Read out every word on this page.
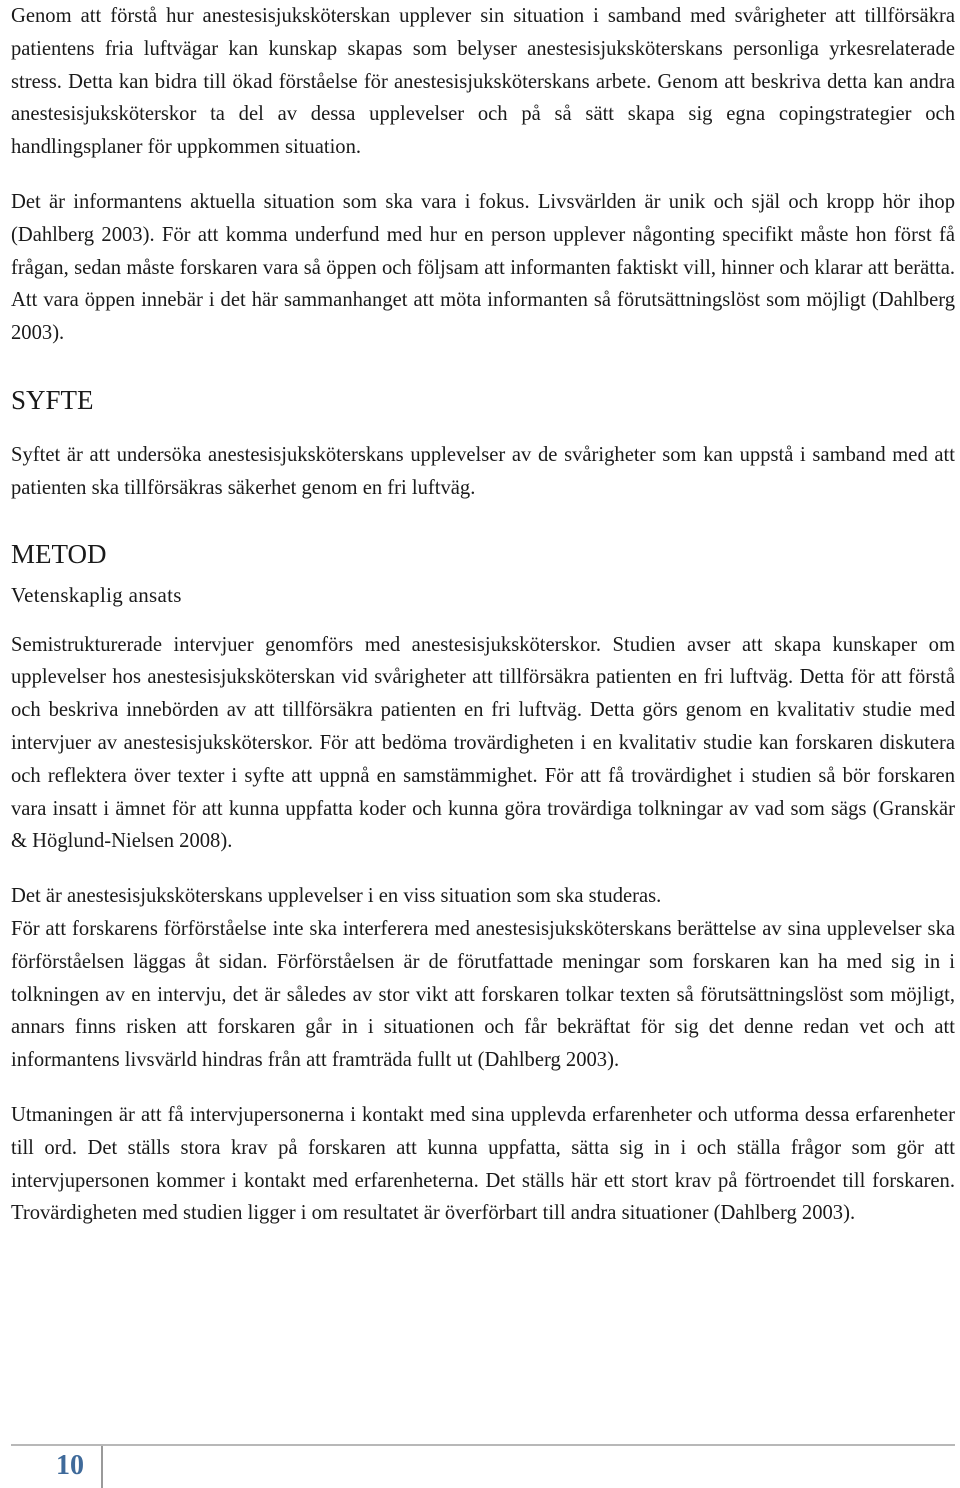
Genom att förstå hur anestesisjuksköterskan upplever sin situation i samband med svårigheter att tillförsäkra patientens fria luftvägar kan kunskap skapas som belyser anestesisjuksköterskans personliga yrkesrelaterade stress. Detta kan bidra till ökad förståelse för anestesisjuksköterskans arbete. Genom att beskriva detta kan andra anestesisjuksköterskor ta del av dessa upplevelser och på så sätt skapa sig egna copingstrategier och handlingsplaner för uppkommen situation.

Det är informantens aktuella situation som ska vara i fokus. Livsvärlden är unik och själ och kropp hör ihop (Dahlberg 2003). För att komma underfund med hur en person upplever någonting specifikt måste hon först få frågan, sedan måste forskaren vara så öppen och följsam att informanten faktiskt vill, hinner och klarar att berätta. Att vara öppen innebär i det här sammanhanget att möta informanten så förutsättningslöst som möjligt (Dahlberg 2003).

SYFTE

Syftet är att undersöka anestesisjuksköterskans upplevelser av de svårigheter som kan uppstå i samband med att patienten ska tillförsäkras säkerhet genom en fri luftväg.

METOD
Vetenskaplig ansats

Semistrukturerade intervjuer genomförs med anestesisjuksköterskor. Studien avser att skapa kunskaper om upplevelser hos anestesisjuksköterskan vid svårigheter att tillförsäkra patienten en fri luftväg. Detta för att förstå och beskriva innebörden av att tillförsäkra patienten en fri luftväg. Detta görs genom en kvalitativ studie med intervjuer av anestesisjuksköterskor. För att bedöma trovärdigheten i en kvalitativ studie kan forskaren diskutera och reflektera över texter i syfte att uppnå en samstämmighet. För att få trovärdighet i studien så bör forskaren vara insatt i ämnet för att kunna uppfatta koder och kunna göra trovärdiga tolkningar av vad som sägs (Granskär & Höglund-Nielsen 2008).

Det är anestesisjuksköterskans upplevelser i en viss situation som ska studeras.

För att forskarens förförståelse inte ska interferera med anestesisjuksköterskans berättelse av sina upplevelser ska förförståelsen läggas åt sidan. Förförståelsen är de förutfattade meningar som forskaren kan ha med sig in i tolkningen av en intervju, det är således av stor vikt att forskaren tolkar texten så förutsättningslöst som möjligt, annars finns risken att forskaren går in i situationen och får bekräftat för sig det denne redan vet och att informantens livsvärld hindras från att framträda fullt ut (Dahlberg 2003).

Utmaningen är att få intervjupersonerna i kontakt med sina upplevda erfarenheter och utforma dessa erfarenheter till ord. Det ställs stora krav på forskaren att kunna uppfatta, sätta sig in i och ställa frågor som gör att intervjupersonen kommer i kontakt med erfarenheterna. Det ställs här ett stort krav på förtroendet till forskaren. Trovärdigheten med studien ligger i om resultatet är överförbart till andra situationer (Dahlberg 2003).

10
